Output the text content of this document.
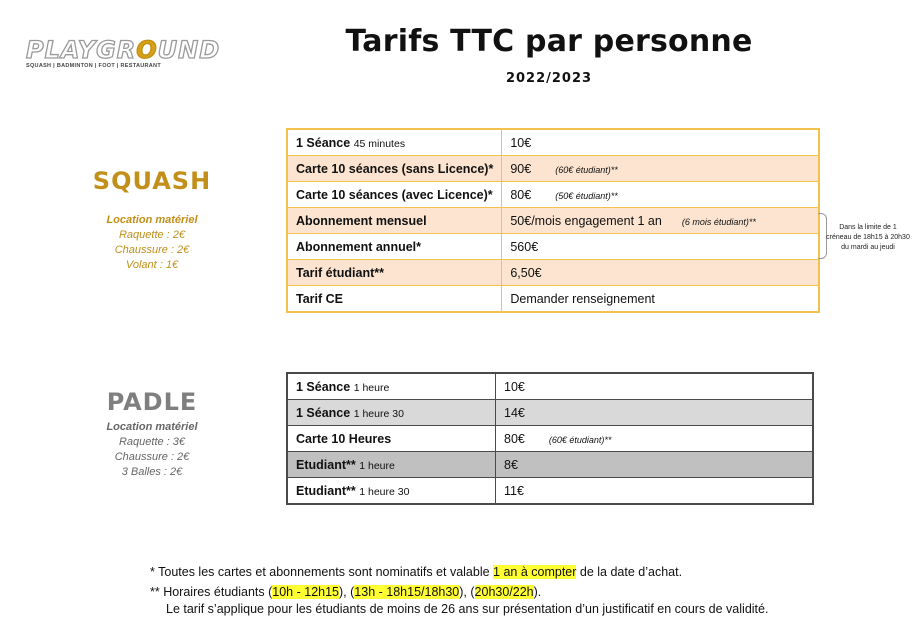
PLAYGROUND
SQUASH | BADMINTON | FOOT | RESTAURANT
Tarifs TTC par personne
2022/2023
SQUASH
Location matériel
Raquette : 2€
Chaussure : 2€
Volant : 1€
1 Séance 45 minutes	10€
Carte 10 séances (sans Licence)*	90€ (60€ étudiant)**
Carte 10 séances (avec Licence)*	80€ (50€ étudiant)**
Abonnement mensuel	50€/mois engagement 1 an (6 mois étudiant)**
Abonnement annuel*	560€
Tarif étudiant**	6,50€
Tarif CE	Demander renseignement
Dans la limite de 1 créneau de 18h15 à 20h30 du mardi au jeudi
PADLE
Location matériel
Raquette : 3€
Chaussure : 2€
3 Balles : 2€
1 Séance 1 heure	10€
1 Séance 1 heure 30	14€
Carte 10 Heures	80€ (60€ étudiant)**
Etudiant** 1 heure	8€
Etudiant** 1 heure 30	11€
* Toutes les cartes et abonnements sont nominatifs et valable 1 an à compter de la date d’achat.
** Horaires étudiants (10h - 12h15), (13h - 18h15/18h30), (20h30/22h).
Le tarif s’applique pour les étudiants de moins de 26 ans sur présentation d’un justificatif en cours de validité.
